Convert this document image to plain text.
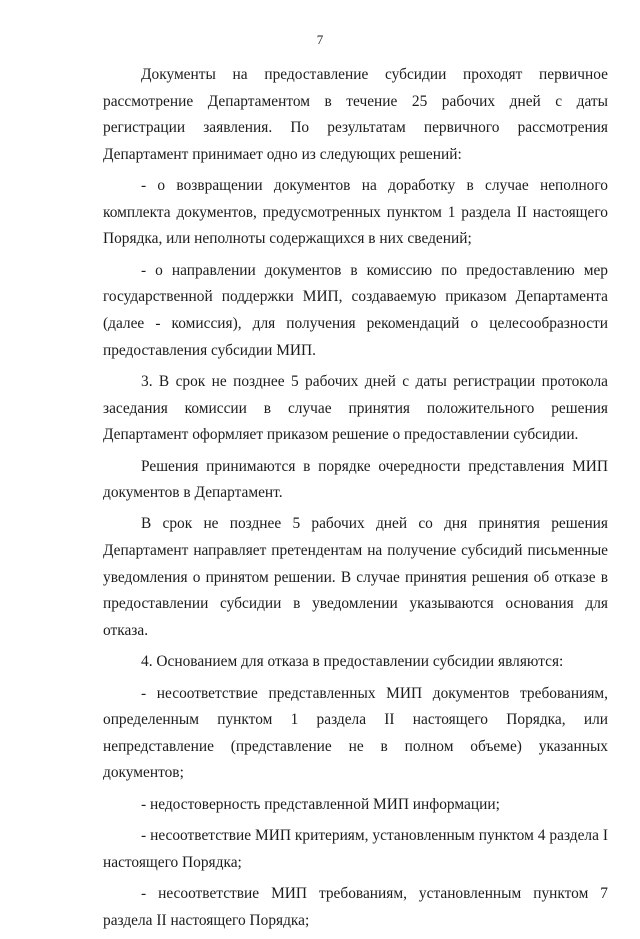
7

Документы на предоставление субсидии проходят первичное рассмотрение Департаментом в течение 25 рабочих дней с даты регистрации заявления. По результатам первичного рассмотрения Департамент принимает одно из следующих решений:

- о возвращении документов на доработку в случае неполного комплекта документов, предусмотренных пунктом 1 раздела II настоящего Порядка, или неполноты содержащихся в них сведений;

- о направлении документов в комиссию по предоставлению мер государственной поддержки МИП, создаваемую приказом Департамента (далее - комиссия), для получения рекомендаций о целесообразности предоставления субсидии МИП.

3. В срок не позднее 5 рабочих дней с даты регистрации протокола заседания комиссии в случае принятия положительного решения Департамент оформляет приказом решение о предоставлении субсидии.

Решения принимаются в порядке очередности представления МИП документов в Департамент.

В срок не позднее 5 рабочих дней со дня принятия решения Департамент направляет претендентам на получение субсидий письменные уведомления о принятом решении. В случае принятия решения об отказе в предоставлении субсидии в уведомлении указываются основания для отказа.

4. Основанием для отказа в предоставлении субсидии являются:

- несоответствие представленных МИП документов требованиям, определенным пунктом 1 раздела II настоящего Порядка, или непредставление (представление не в полном объеме) указанных документов;

- недостоверность представленной МИП информации;

- несоответствие МИП критериям, установленным пунктом 4 раздела I настоящего Порядка;

- несоответствие МИП требованиям, установленным пунктом 7 раздела II настоящего Порядка;
